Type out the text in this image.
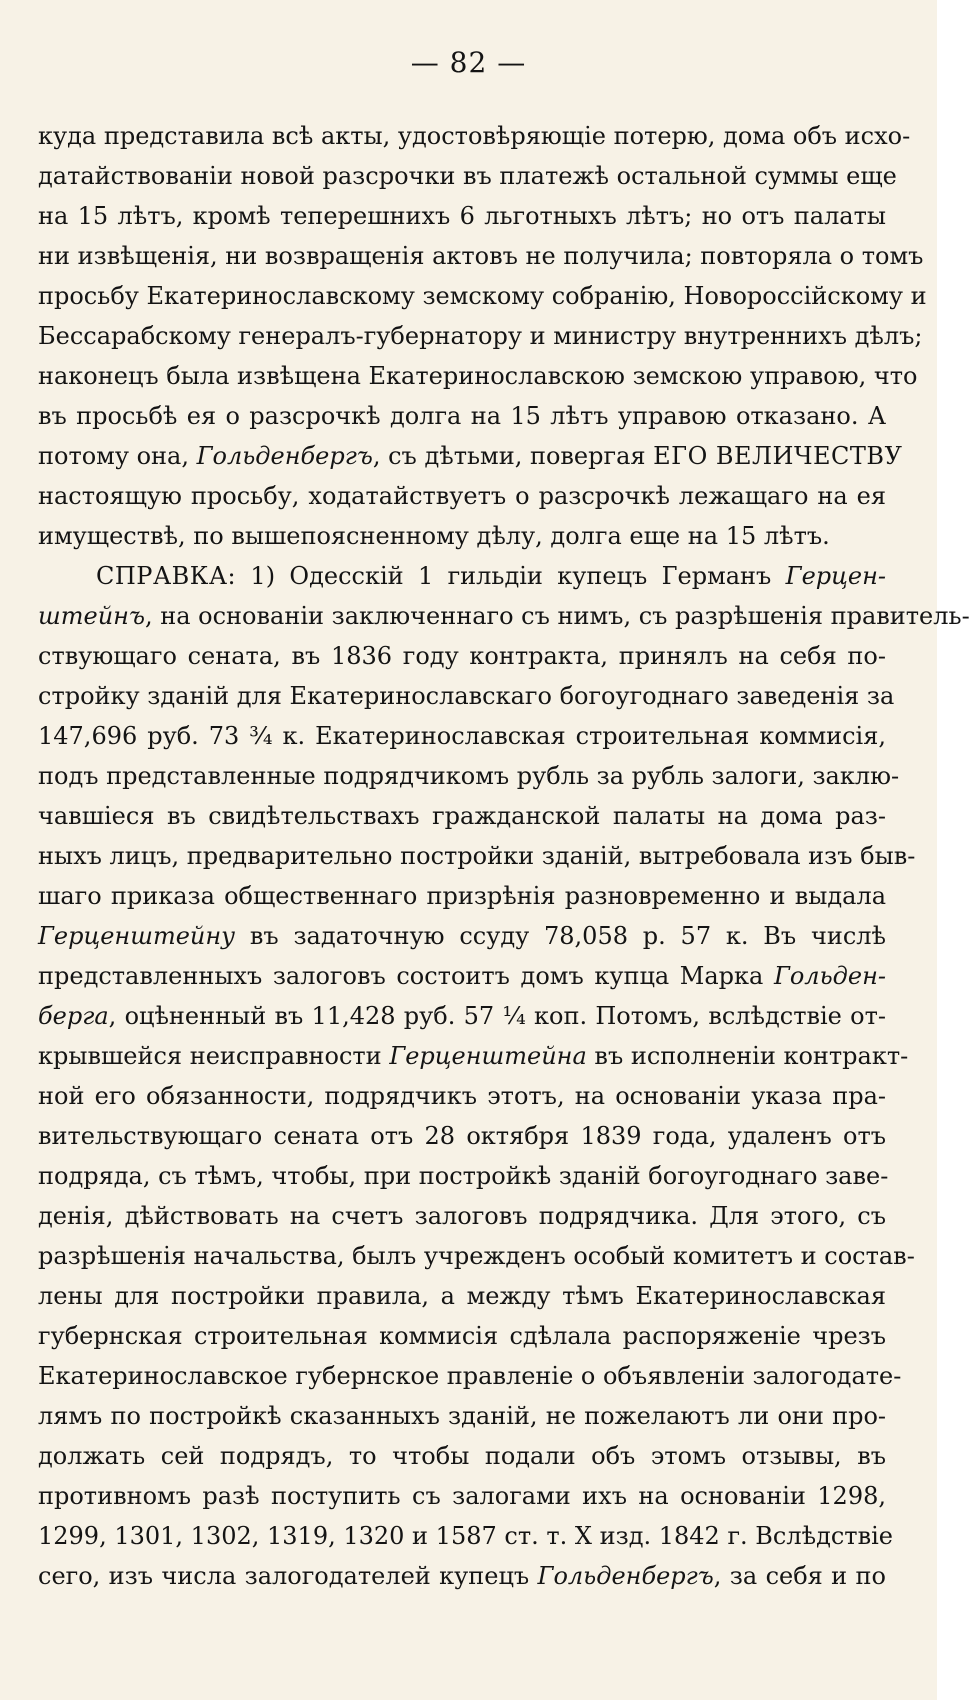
— 82 —
куда представила всѣ акты, удостовѣряющіе потерю, дома объ исхо-
датайствованіи новой разсрочки въ платежѣ остальной суммы еще
на 15 лѣтъ, кромѣ теперешнихъ 6 льготныхъ лѣтъ; но отъ палаты
ни извѣщенія, ни возвращенія актовъ не получила; повторяла о томъ
просьбу Екатеринославскому земскому собранію, Новороссійскому и
Бессарабскому генералъ-губернатору и министру внутреннихъ дѣлъ;
наконецъ была извѣщена Екатеринославскою земскою управою, что
въ просьбѣ ея о разсрочкѣ долга на 15 лѣтъ управою отказано. А
потому она, Гольденбергъ, съ дѣтьми, повергая ЕГО ВЕЛИЧЕСТВУ
настоящую просьбу, ходатайствуетъ о разсрочкѣ лежащаго на ея
имуществѣ, по вышепоясненному дѣлу, долга еще на 15 лѣтъ.
СПРАВКА: 1) Одесскій 1 гильдіи купецъ Германъ Герцен-
штейнъ, на основаніи заключеннаго съ нимъ, съ разрѣшенія правитель-
ствующаго сената, въ 1836 году контракта, принялъ на себя по-
стройку зданій для Екатеринославскаго богоугоднаго заведенія за
147,696 руб. 73 ¾ к. Екатеринославская строительная коммисія,
подъ представленные подрядчикомъ рубль за рубль залоги, заклю-
чавшіеся въ свидѣтельствахъ гражданской палаты на дома раз-
ныхъ лицъ, предварительно постройки зданій, вытребовала изъ быв-
шаго приказа общественнаго призрѣнія разновременно и выдала
Герценштейну въ задаточную ссуду 78,058 р. 57 к. Въ числѣ
представленныхъ залоговъ состоитъ домъ купца Марка Гольден-
берга, оцѣненный въ 11,428 руб. 57 ¼ коп. Потомъ, вслѣдствіе от-
крывшейся неисправности Герценштейна въ исполненіи контракт-
ной его обязанности, подрядчикъ этотъ, на основаніи указа пра-
вительствующаго сената отъ 28 октября 1839 года, удаленъ отъ
подряда, съ тѣмъ, чтобы, при постройкѣ зданій богоугоднаго заве-
денія, дѣйствовать на счетъ залоговъ подрядчика. Для этого, съ
разрѣшенія начальства, былъ учрежденъ особый комитетъ и состав-
лены для постройки правила, а между тѣмъ Екатеринославская
губернская строительная коммисія сдѣлала распоряженіе чрезъ
Екатеринославское губернское правленіе о объявленіи залогодате-
лямъ по постройкѣ сказанныхъ зданій, не пожелаютъ ли они про-
должать сей подрядъ, то чтобы подали объ этомъ отзывы, въ
противномъ разѣ поступить съ залогами ихъ на основаніи 1298,
1299, 1301, 1302, 1319, 1320 и 1587 ст. т. X изд. 1842 г. Вслѣдствіе
сего, изъ числа залогодателей купецъ Гольденбергъ, за себя и по
